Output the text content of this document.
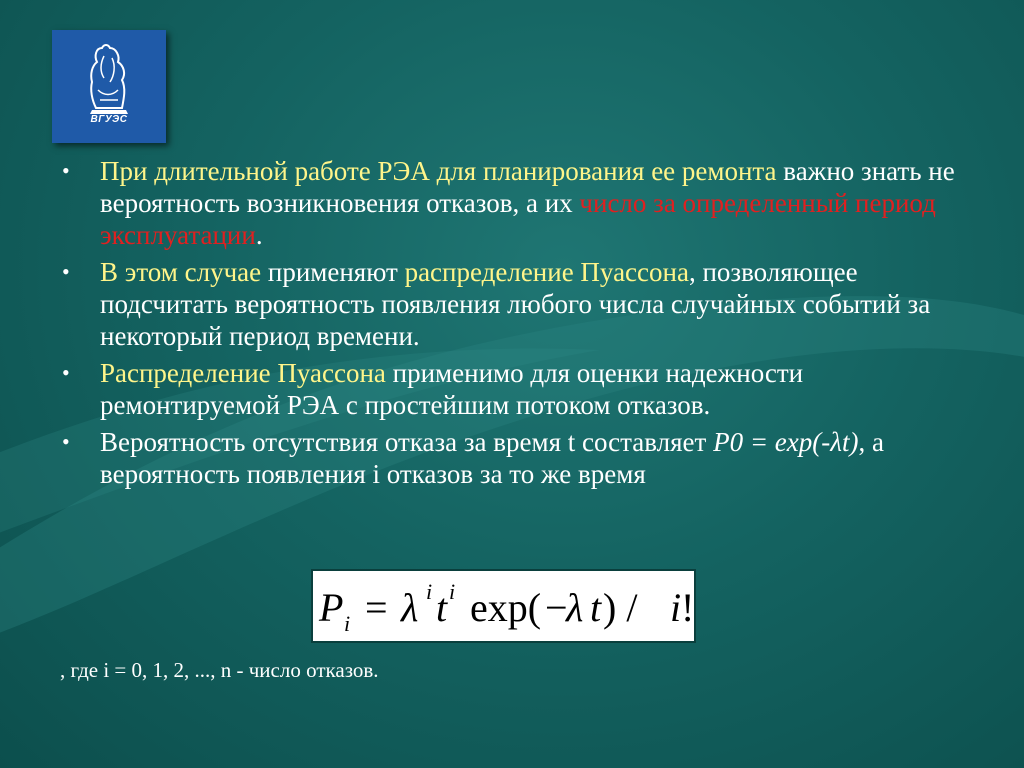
ВГУЭС
• При длительной работе РЭА для планирования ее ремонта важно знать не вероятность возникновения отказов, а их число за определенный период эксплуатации.
• В этом случае применяют распределение Пуассона, позволяющее подсчитать вероятность появления любого числа случайных событий за некоторый период времени.
• Распределение Пуассона применимо для оценки надежности ремонтируемой РЭА с простейшим потоком отказов.
• Вероятность отсутствия отказа за время t составляет P0 = exp(-λt), а вероятность появления i отказов за то же время
P i = λ i t i exp( −
λ t ) / i !
, где i = 0, 1, 2, ..., n - число отказов.
